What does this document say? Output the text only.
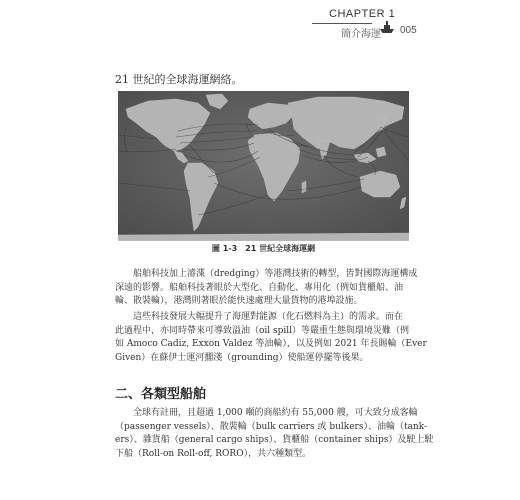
CHAPTER 1
簡介海運 005
21 世紀的全球海運網絡。
圖 1-3　21 世紀全球海運網
船舶科技加上濬渫（dredging）等港灣技術的轉型，皆對國際海運構成
深遠的影響。船舶科技著眼於大型化、自動化、專用化（例如貨櫃船、油
輪、散裝輪），港灣則著眼於能快速處理大量貨物的港埠設施。
這些科技發展大幅提升了海運對能源（化石燃料為主）的需求。而在
此過程中，亦同時帶來可導致溢油（oil spill）等嚴重生態與環境災難（例
如 Amoco Cadiz, Exxon Valdez 等油輪），以及例如 2021 年長賜輪（Ever
Given）在蘇伊士運河擱淺（grounding）使船運停擺等後果。
二、各類型船舶
全球有註冊，且超過 1,000 噸的商船約有 55,000 艘，可大致分成客輪
（passenger vessels）、散裝輪（bulk carriers 或 bulkers）、油輪（tank-
ers）、雜貨船（general cargo ships）、貨櫃船（container ships）及駛上駛
下船（Roll-on Roll-off, RORO），共六種類型。
